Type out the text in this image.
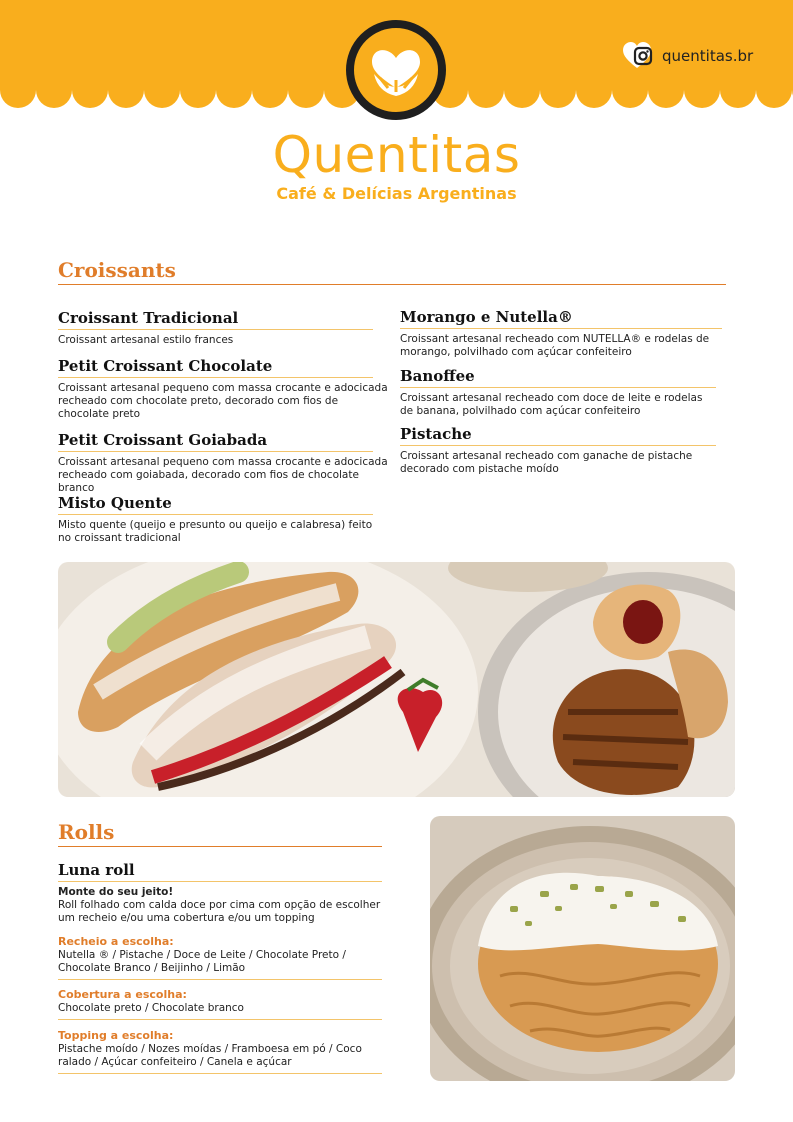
quentitas.br
Quentitas
Café & Delícias Argentinas
Croissants
Croissant Tradicional
Croissant artesanal estilo frances
Petit Croissant Chocolate
Croissant artesanal pequeno com massa crocante e adocicada recheado com chocolate preto, decorado com fios de chocolate preto
Petit Croissant Goiabada
Croissant artesanal pequeno com massa crocante e adocicada recheado com goiabada, decorado com fios de chocolate branco
Misto Quente
Misto quente (queijo e presunto ou queijo e calabresa) feito no croissant tradicional
Morango e Nutella®
Croissant artesanal recheado com NUTELLA® e rodelas de morango, polvilhado com açúcar confeiteiro
Banoffee
Croissant artesanal recheado com doce de leite e rodelas de banana, polvilhado com açúcar confeiteiro
Pistache
Croissant artesanal recheado com ganache de pistache decorado com pistache moído
Rolls
Luna roll
Monte do seu jeito!
Roll folhado com calda doce por cima com opção de escolher um recheio e/ou uma cobertura e/ou um topping
Recheio a escolha:
Nutella ® / Pistache / Doce de Leite / Chocolate Preto / Chocolate Branco / Beijinho / Limão
Cobertura a escolha:
Chocolate preto / Chocolate branco
Topping a escolha:
Pistache moído / Nozes moídas / Framboesa em pó / Coco ralado / Açúcar confeiteiro / Canela e açúcar
